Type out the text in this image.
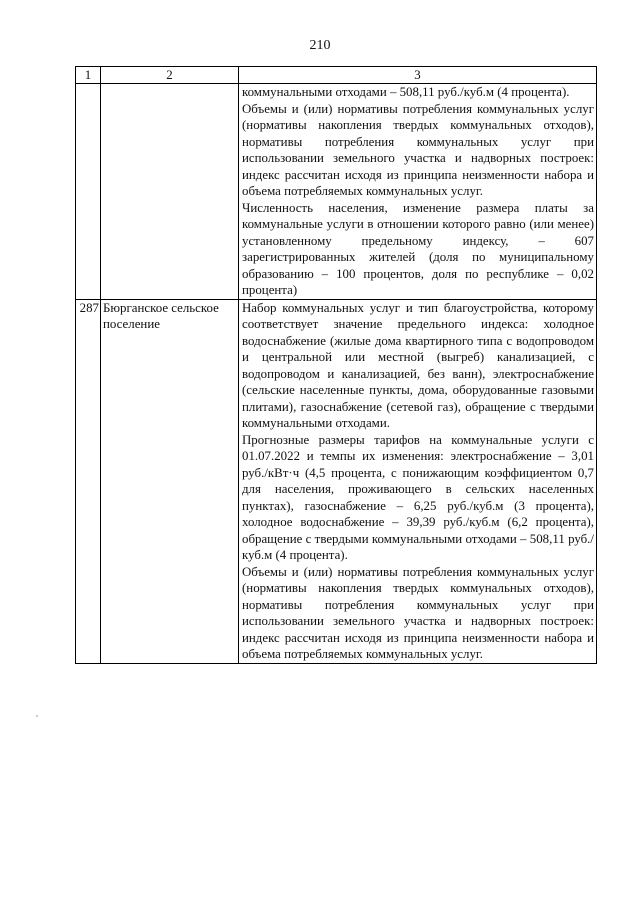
210
1	2	3

		коммунальными отходами – 508,11 руб./куб.м (4 процента).

Объемы и (или) нормативы потребления коммунальных услуг (нормативы накопления твердых коммунальных отходов), нормативы потребления коммунальных услуг при использовании земельного участка и надворных построек: индекс рассчитан исходя из принципа неизменности набора и объема потребляемых коммунальных услуг.

Численность населения, изменение размера платы за коммунальные услуги в отношении которого равно (или менее) установленному предельному индексу, – 607 зарегистрированных жителей (доля по муниципальному образованию – 100 процентов, доля по республике – 0,02 процента)

287	Бюрганское сельское поселение	Набор коммунальных услуг и тип благоустройства, которому соответствует значение предельного индекса: холодное водоснабжение (жилые дома квартирного типа с водопроводом и центральной или местной (выгреб) канализацией, с водопроводом и канализацией, без ванн), электроснабжение (сельские населенные пункты, дома, оборудованные газовыми плитами), газоснабжение (сетевой газ), обращение с твердыми коммунальными отходами.

Прогнозные размеры тарифов на коммунальные услуги с 01.07.2022 и темпы их изменения: электроснабжение – 3,01 руб./кВт·ч (4,5 процента, с понижающим коэффициентом 0,7 для населения, проживающего в сельских населенных пунктах), газоснабжение – 6,25 руб./куб.м (3 процента), холодное водоснабжение – 39,39 руб./куб.м (6,2 процента), обращение с твердыми коммунальными отходами – 508,11 руб./куб.м (4 процента).

Объемы и (или) нормативы потребления коммунальных услуг (нормативы накопления твердых коммунальных отходов), нормативы потребления коммунальных услуг при использовании земельного участка и надворных построек: индекс рассчитан исходя из принципа неизменности набора и объема потребляемых коммунальных услуг.
